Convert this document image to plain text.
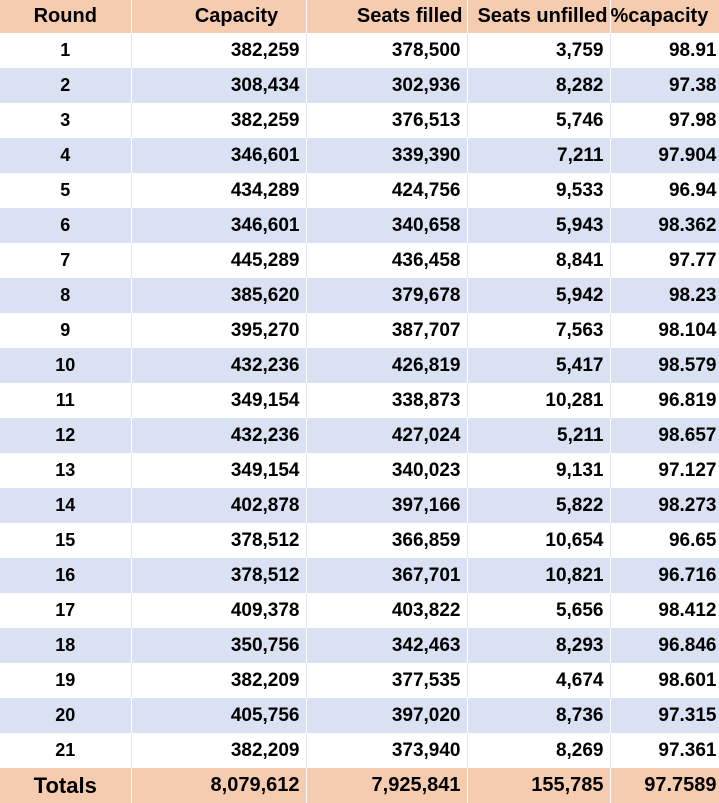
Round	Capacity	Seats filled	Seats unfilled	%capacity
1	382,259	378,500	3,759	98.91
2	308,434	302,936	8,282	97.38
3	382,259	376,513	5,746	97.98
4	346,601	339,390	7,211	97.904
5	434,289	424,756	9,533	96.94
6	346,601	340,658	5,943	98.362
7	445,289	436,458	8,841	97.77
8	385,620	379,678	5,942	98.23
9	395,270	387,707	7,563	98.104
10	432,236	426,819	5,417	98.579
11	349,154	338,873	10,281	96.819
12	432,236	427,024	5,211	98.657
13	349,154	340,023	9,131	97.127
14	402,878	397,166	5,822	98.273
15	378,512	366,859	10,654	96.65
16	378,512	367,701	10,821	96.716
17	409,378	403,822	5,656	98.412
18	350,756	342,463	8,293	96.846
19	382,209	377,535	4,674	98.601
20	405,756	397,020	8,736	97.315
21	382,209	373,940	8,269	97.361
Totals	8,079,612	7,925,841	155,785	97.7589
